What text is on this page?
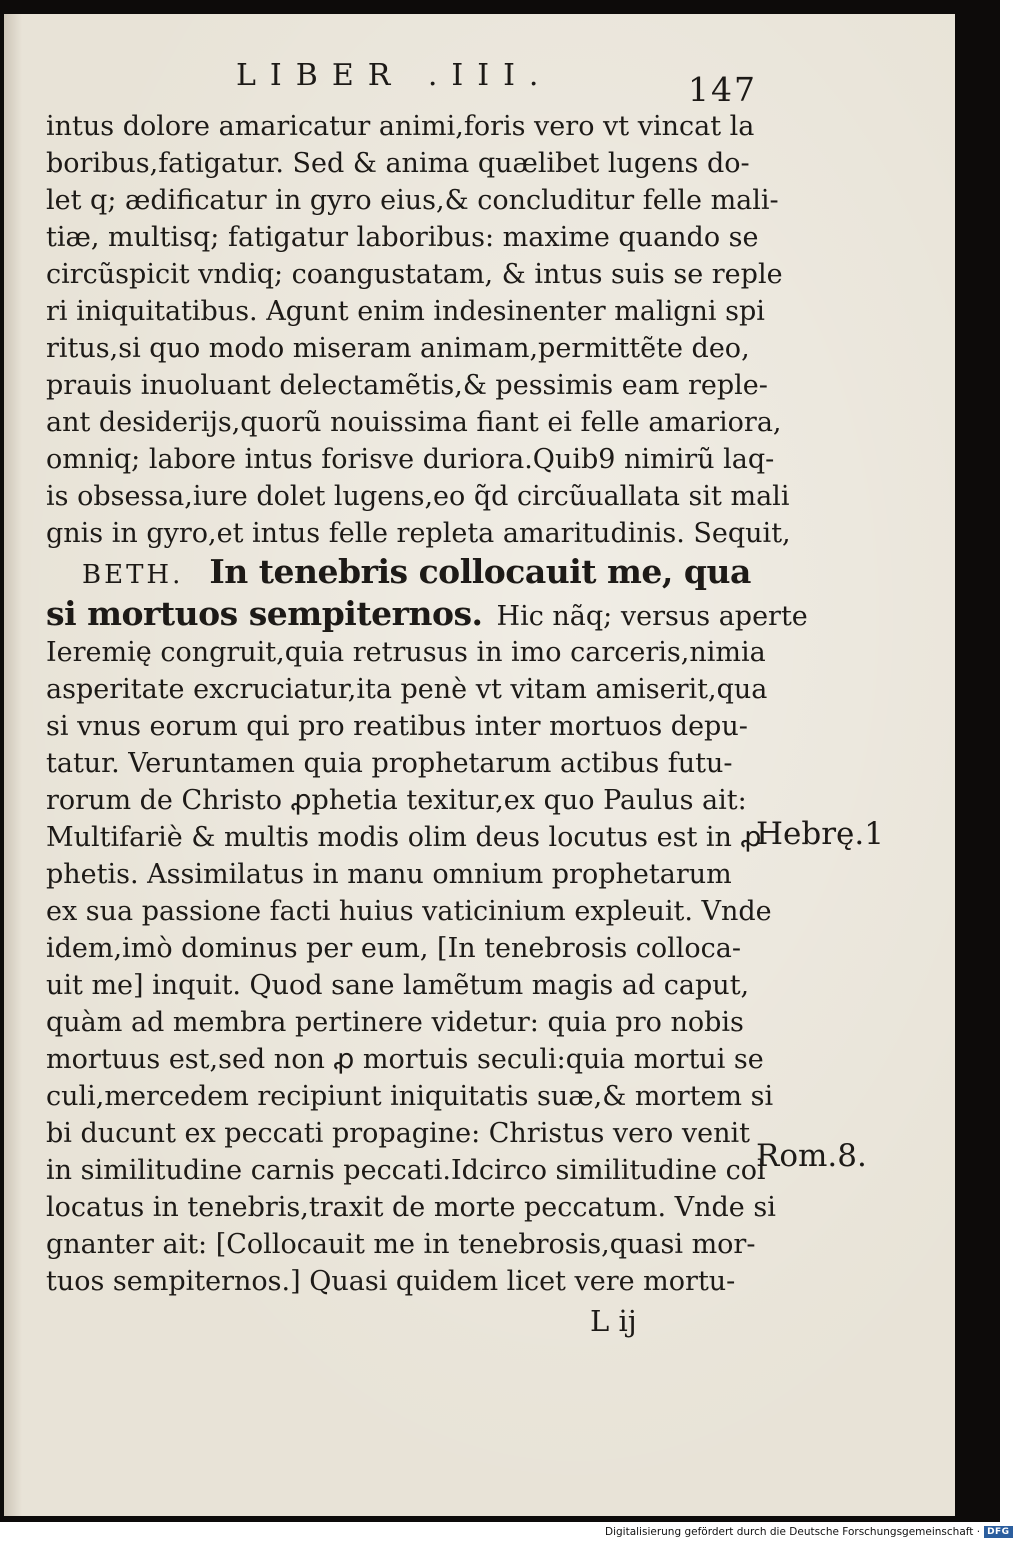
LIBER .III.	147
intus dolore amaricatur animi,foris vero vt vincat la
boribus,fatigatur. Sed & anima quælibet lugens do-
let q; ædificatur in gyro eius,& concluditur felle mali-
tiæ, multisq; fatigatur laboribus: maxime quando se
circũspicit vndiq; coangustatam, & intus suis se reple
ri iniquitatibus. Agunt enim indesinenter maligni spi
ritus,si quo modo miseram animam,permittẽte deo,
prauis inuoluant delectamẽtis,& pessimis eam reple-
ant desiderijs,quorũ nouissima fiant ei felle amariora,
omniq; labore intus forisve duriora.Quib9 nimirũ laq-
is obsessa,iure dolet lugens,eo q̃d circũuallata sit mali
gnis in gyro,et intus felle repleta amaritudinis. Sequit,
BETH. In tenebris collocauit me, qua
si mortuos sempiternos. Hic nãq; versus aperte
Ieremię congruit,quia retrusus in imo carceris,nimia
asperitate excruciatur,ita penè vt vitam amiserit,qua
si vnus eorum qui pro reatibus inter mortuos depu-
tatur. Veruntamen quia prophetarum actibus futu-
rorum de Christo ꝓphetia texitur,ex quo Paulus ait:
Multifariè & multis modis olim deus locutus est in ꝓ
phetis. Assimilatus in manu omnium prophetarum
ex sua passione facti huius vaticinium expleuit. Vnde
idem,imò dominus per eum, [In tenebrosis colloca-
uit me] inquit. Quod sane lamẽtum magis ad caput,
quàm ad membra pertinere videtur: quia pro nobis
mortuus est,sed non ꝓ mortuis seculi:quia mortui se
culi,mercedem recipiunt iniquitatis suæ,& mortem si
bi ducunt ex peccati propagine: Christus vero venit
in similitudine carnis peccati.Idcirco similitudine col
locatus in tenebris,traxit de morte peccatum. Vnde si
gnanter ait: [Collocauit me in tenebrosis,quasi mor-
tuos sempiternos.] Quasi quidem licet vere mortu-
Hebrę.1
Rom.8.
L ij
Digitalisierung gefördert durch die Deutsche Forschungsgemeinschaft · DFG
